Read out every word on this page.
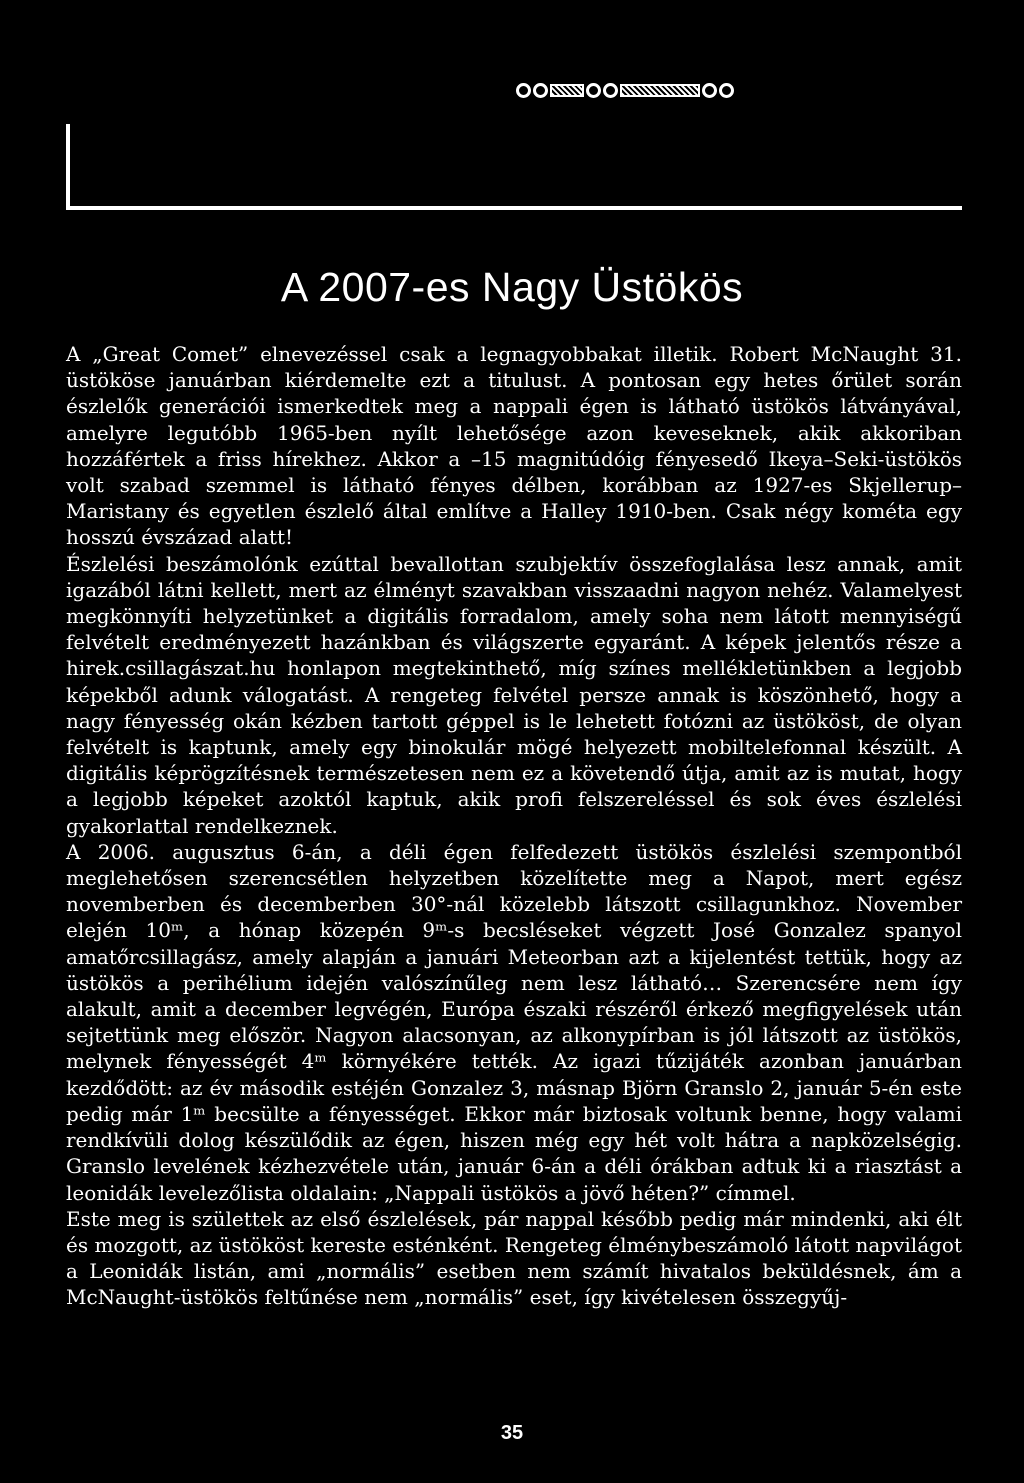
A 2007-es Nagy Üstökös

A „Great Comet” elnevezéssel csak a legnagyobbakat illetik. Robert McNaught 31. üstököse januárban kiérdemelte ezt a titulust. A pontosan egy hetes őrület során észlelők generációi ismerkedtek meg a nappali égen is látható üstökös látványával, amelyre legutóbb 1965-ben nyílt lehetősége azon keveseknek, akik akkoriban hozzáfértek a friss hírekhez. Akkor a –15 magnitúdóig fényesedő Ikeya–Seki-üstökös volt szabad szemmel is látható fényes délben, korábban az 1927-es Skjellerup–Maristany és egyetlen észlelő által említve a Halley 1910-ben. Csak négy kométa egy hosszú évszázad alatt!

Észlelési beszámolónk ezúttal bevallottan szubjektív összefoglalása lesz annak, amit igazából látni kellett, mert az élményt szavakban visszaadni nagyon nehéz. Valamelyest megkönnyíti helyzetünket a digitális forradalom, amely soha nem látott mennyiségű felvételt eredményezett hazánkban és világszerte egyaránt. A képek jelentős része a hirek.csillagászat.hu honlapon megtekinthető, míg színes mellékletünkben a legjobb képekből adunk válogatást. A rengeteg felvétel persze annak is köszönhető, hogy a nagy fényesség okán kézben tartott géppel is le lehetett fotózni az üstököst, de olyan felvételt is kaptunk, amely egy binokulár mögé helyezett mobiltelefonnal készült. A digitális képrögzítésnek természetesen nem ez a követendő útja, amit az is mutat, hogy a legjobb képeket azoktól kaptuk, akik profi felszereléssel és sok éves észlelési gyakorlattal rendelkeznek.

A 2006. augusztus 6-án, a déli égen felfedezett üstökös észlelési szempontból meglehetősen szerencsétlen helyzetben közelítette meg a Napot, mert egész novemberben és decemberben 30°-nál közelebb látszott csillagunkhoz. November elején 10ᵐ, a hónap közepén 9ᵐ-s becsléseket végzett José Gonzalez spanyol amatőrcsillagász, amely alapján a januári Meteorban azt a kijelentést tettük, hogy az üstökös a perihélium idején valószínűleg nem lesz látható… Szerencsére nem így alakult, amit a december legvégén, Európa északi részéről érkező megfigyelések után sejtettünk meg először. Nagyon alacsonyan, az alkonypírban is jól látszott az üstökös, melynek fényességét 4ᵐ környékére tették. Az igazi tűzijáték azonban januárban kezdődött: az év második estéjén Gonzalez 3, másnap Björn Granslo 2, január 5-én este pedig már 1ᵐ becsülte a fényességet. Ekkor már biztosak voltunk benne, hogy valami rendkívüli dolog készülődik az égen, hiszen még egy hét volt hátra a napközelségig. Granslo levelének kézhezvétele után, január 6-án a déli órákban adtuk ki a riasztást a leonidák levelezőlista oldalain: „Nappali üstökös a jövő héten?” címmel.

Este meg is születtek az első észlelések, pár nappal később pedig már mindenki, aki élt és mozgott, az üstököst kereste esténként. Rengeteg élménybeszámoló látott napvilágot a Leonidák listán, ami „normális” esetben nem számít hivatalos beküldésnek, ám a McNaught-üstökös feltűnése nem „normális” eset, így kivételesen összegyűj-

35
